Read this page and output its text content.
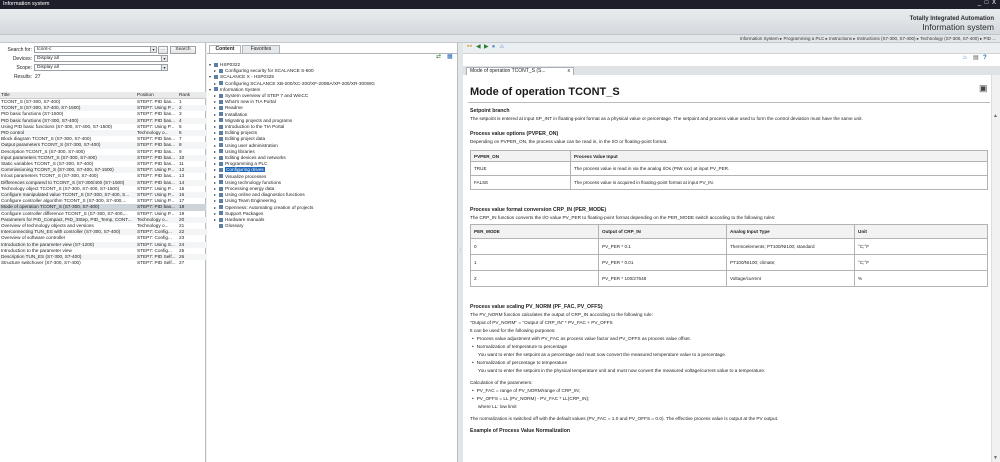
Information system	_ □ X
Totally Integrated Automation
Information system
Information System ▸ Programming a PLC ▸ Instructions ▸ Instructions (S7-300, S7-400) ▸ Technology (S7-300, S7-400) ▸ PID ...
Search for:	tcont-c	▾	...	Search
Devices:	Display all	▾
Scope:	Display all	▾
Results: 27
Title	Position	Rank
TCONT_S (S7-300, S7-400)	STEP7: PID bas... 1
TCONT_S (S7-300, S7-400, S7-1500)	STEP7: Using P...	2
PID basic functions (S7-1500)	STEP7: PID bas... 3
PID basic functions (S7-300, S7-400)	STEP7: PID bas... 4
Using PID basic functions (S7-300, S7-400, S7-1500)	STEP7: Using P...	5
PID control	Technology o...	6
Block diagram TCONT_S (S7-300, S7-400)	STEP7: PID bas... 7
Output parameters TCONT_S (S7-300, S7-400)	STEP7: PID bas... 8
Description TCONT_S (S7-300, S7-400)	STEP7: PID bas... 9
Input parameters TCONT_S (S7-300, S7-400)	STEP7: PID bas... 10
Static variables TCONT_S (S7-300, S7-400)	STEP7: PID bas... 11
Commissioning TCONT_S (S7-300, S7-400, S7-1500)	STEP7: Using P...	12
In/out parameters TCONT_S (S7-300, S7-400)	STEP7: PID bas... 13
Differences compared to TCONT_S (S7-300/400 (S7-1500)	STEP7: PID bas... 14
Technology object TCONT_S (S7-300, S7-400, S7-1500)	STEP7: Using P...	15
Configure manipulated value TCONT_S (S7-300, S7-400, S...	STEP7: Using P...	16
Configure controller algorithm TCONT_S (S7-300, S7-400,...	STEP7: Using P...	17
Mode of operation TCONT_S (S7-300, S7-400)	STEP7: PID bas... 18
Configure controller difference TCONT_S (S7-300, S7-400,...	STEP7: Using P...	19
Parameters for PID_Compact, PID_3Step, PID_Temp, CONT...	Technology o...	20
Overview of technology objects and versions	Technology o...	21
Interconnecting TUN_ES with controller (S7-300, S7-400)	STEP7: Config...	22
Overview of software controller	STEP7: Config...	23
Introduction to the parameter view (S7-1200)	STEP7: Using S... 24
Introduction to the parameter view	STEP7: Config...	25
Description TUN_ES (S7-300, S7-400)	STEP7: PID Self... 26
Structure switchover (S7-300, S7-400)	STEP7: PID Self... 27
⋮
Content	Favorites
⇄ ▦
▾ HSP0322
▸ Configuring security for SCALANCE S-600
▾ SCALANCE X - HSP0325
▸ Configuring SCALANCE XB-200/XC-200/XF-200BA/XP-200/XR-300WG
▾ Information System
▸ System overview of STEP 7 and WinCC
▸ What's new in TIA Portal
▸ Readme
▸ Installation
▸ Migrating projects and programs
▸ Introduction to the TIA Portal
▸ Editing projects
▸ Editing project data
▸ Using user administration
▸ Using libraries
▸ Editing devices and networks
▸ Programming a PLC
▸ Configuring drives
▸ Visualize processes
▸ Using technology functions
▸ Processing energy data
▸ Using online and diagnostics functions
▸ Using Team Engineering
▸ Openness: Automating creation of projects
▸ Support Packages
▸ Hardware manuals
Glossary
⚯ ◀ ▶ ⏸ ⌂
⌂ ▤ ?
Mode of operation TCONT_S (S...	x
Mode of operation TCONT_S	▣
Setpoint branch
The setpoint is entered at input SP_INT in floating-point format as a physical value or percentage. The setpoint and process value used to form the control deviation must have the same unit.
Process value options (PVPER_ON)
Depending on PVPER_ON, the process value can be read in, in the I/O or floating-point format.
PVPER_ON	Process Value Input
TRUE	The process value is read in via the analog I/Os (PIW xxx) at input PV_PER.
FALSE	The process value is acquired in floating-point format at input PV_IN.
Process value format conversion CRP_IN (PER_MODE)
The CRP_IN function converts the I/O value PV_PER to floating-point format depending on the PER_MODE switch according to the following rules:
PER_MODE	Output of CRP_IN	Analog Input Type	Unit
0	PV_PER * 0.1	Thermoelements; PT100/NI100; standard	°C;°F
1	PV_PER * 0.01	PT100/NI100; climate;	°C;°F
2	PV_PER * 100/27648	Voltage/current	%
Process value scaling PV_NORM (PF_FAC, PV_OFFS)
The PV_NORM function calculates the output of CRP_IN according to the following rule:
"Output of PV_NORM" = "Output of CRP_IN" * PV_FAC + PV_OFFS
It can be used for the following purposes:
• Process value adjustment with PV_FAC as process value factor and PV_OFFS as process value offset.
• Normalization of temperature to percentage
You want to enter the setpoint as a percentage and must now convert the measured temperature value to a percentage.
• Normalization of percentage to temperature
You want to enter the setpoint in the physical temperature unit and must now convert the measured voltage/current value to a temperature.
Calculation of the parameters:
• PV_FAC = range of PV_NORM/range of CRP_IN;
• PV_OFFS = LL (PV_NORM) - PV_FAC * LL(CRP_IN);
where LL: low limit
The normalization is switched off with the default values (PV_FAC = 1.0 and PV_OFFS = 0.0). The effective process value is output at the PV output.
Example of Process Value Normalization
▲
▼
